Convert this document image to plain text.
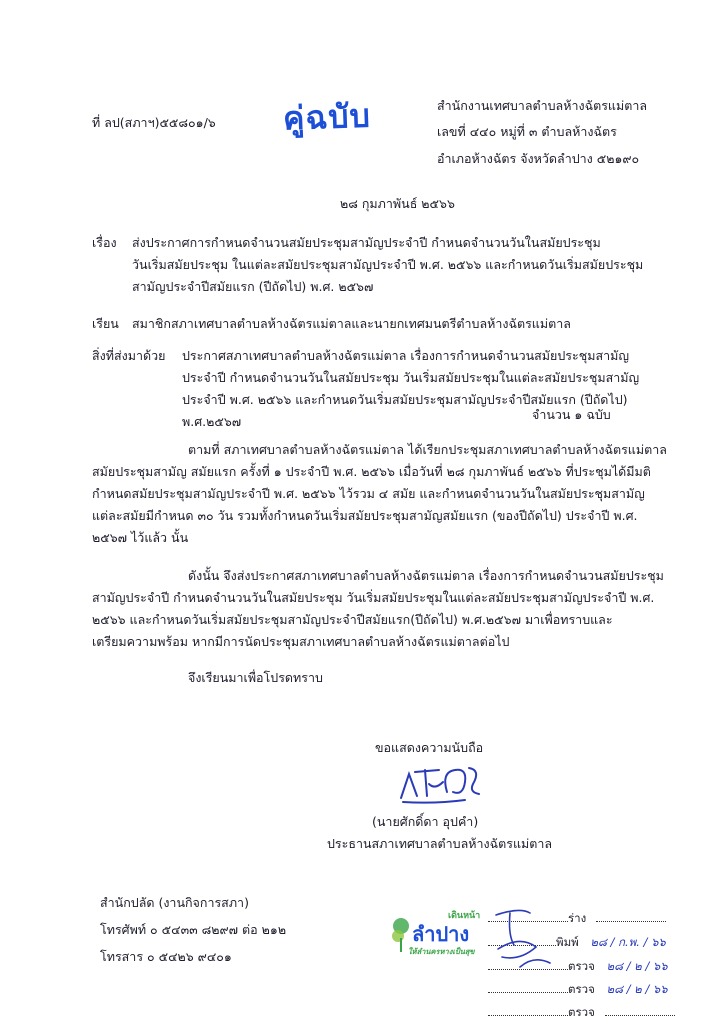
ที่ ลป(สภาฯ)๕๕๘๐๑/๖ คู่ฉบับ	สำนักงานเทศบาลตำบลห้างฉัตรแม่ตาล
เลขที่ ๔๔๐ หมู่ที่ ๓ ตำบลห้างฉัตร
อำเภอห้างฉัตร จังหวัดลำปาง ๕๒๑๙๐
๒๘ กุมภาพันธ์ ๒๕๖๖
เรื่อง ส่งประกาศการกำหนดจำนวนสมัยประชุมสามัญประจำปี กำหนดจำนวนวันในสมัยประชุม
วันเริ่มสมัยประชุม ในแต่ละสมัยประชุมสามัญประจำปี พ.ศ. ๒๕๖๖ และกำหนดวันเริ่มสมัยประชุม
สามัญประจำปีสมัยแรก (ปีถัดไป) พ.ศ. ๒๕๖๗
เรียน สมาชิกสภาเทศบาลตำบลห้างฉัตรแม่ตาลและนายกเทศมนตรีตำบลห้างฉัตรแม่ตาล
สิ่งที่ส่งมาด้วย ประกาศสภาเทศบาลตำบลห้างฉัตรแม่ตาล เรื่องการกำหนดจำนวนสมัยประชุมสามัญ
ประจำปี กำหนดจำนวนวันในสมัยประชุม วันเริ่มสมัยประชุมในแต่ละสมัยประชุมสามัญ
ประจำปี พ.ศ. ๒๕๖๖ และกำหนดวันเริ่มสมัยประชุมสามัญประจำปีสมัยแรก (ปีถัดไป)
พ.ศ.๒๕๖๗	จำนวน ๑ ฉบับ
ตามที่ สภาเทศบาลตำบลห้างฉัตรแม่ตาล ได้เรียกประชุมสภาเทศบาลตำบลห้างฉัตรแม่ตาล
สมัยประชุมสามัญ สมัยแรก ครั้งที่ ๑ ประจำปี พ.ศ. ๒๕๖๖ เมื่อวันที่ ๒๘ กุมภาพันธ์ ๒๕๖๖ ที่ประชุมได้มีมติ
กำหนดสมัยประชุมสามัญประจำปี พ.ศ. ๒๕๖๖ ไว้รวม ๔ สมัย และกำหนดจำนวนวันในสมัยประชุมสามัญ
แต่ละสมัยมีกำหนด ๓๐ วัน รวมทั้งกำหนดวันเริ่มสมัยประชุมสามัญสมัยแรก (ของปีถัดไป) ประจำปี พ.ศ.
๒๕๖๗ ไว้แล้ว นั้น
ดังนั้น จึงส่งประกาศสภาเทศบาลตำบลห้างฉัตรแม่ตาล เรื่องการกำหนดจำนวนสมัยประชุม
สามัญประจำปี กำหนดจำนวนวันในสมัยประชุม วันเริ่มสมัยประชุมในแต่ละสมัยประชุมสามัญประจำปี พ.ศ.
๒๕๖๖ และกำหนดวันเริ่มสมัยประชุมสามัญประจำปีสมัยแรก(ปีถัดไป) พ.ศ.๒๕๖๗ มาเพื่อทราบและ
เตรียมความพร้อม หากมีการนัดประชุมสภาเทศบาลตำบลห้างฉัตรแม่ตาลต่อไป
จึงเรียนมาเพื่อโปรดทราบ
ขอแสดงความนับถือ
(นายศักดิ์ดา อุปคำ)
ประธานสภาเทศบาลตำบลห้างฉัตรแม่ตาล
สำนักปลัด (งานกิจการสภา)
โทรศัพท์ ๐ ๕๔๓๓ ๘๒๙๗ ต่อ ๒๑๒
โทรสาร ๐ ๕๔๒๖ ๙๔๐๑
เดินหน้า
ลำปาง
ให้ลำนครหางเป็นสุข
ร่าง
พิมพ์ ๒๘ / ก.พ. / ๖๖
ตรวจ ๒๘ / ๒ / ๖๖
ตรวจ ๒๘ / ๒ / ๖๖
ตรวจ
